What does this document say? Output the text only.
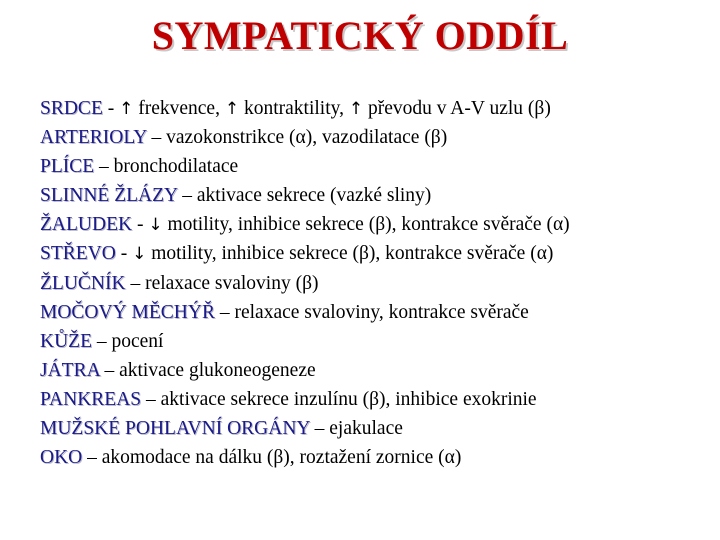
SYMPATICKÝ ODDÍL
SRDCE - ↑ frekvence, ↑ kontraktility, ↑ převodu v A-V uzlu (β)
ARTERIOLY – vazokonstrikce (α), vazodilatace (β)
PLÍCE – bronchodilatace
SLINNÉ ŽLÁZY – aktivace sekrece (vazké sliny)
ŽALUDEK - ↓ motility, inhibice sekrece (β), kontrakce svěrače (α)
STŘEVO - ↓ motility, inhibice sekrece (β), kontrakce svěrače (α)
ŽLUČNÍK – relaxace svaloviny (β)
MOČOVÝ MĚCHÝŘ – relaxace svaloviny, kontrakce svěrače
KŮŽE – pocení
JÁTRA – aktivace glukoneogeneze
PANKREAS – aktivace sekrece inzulínu (β), inhibice exokrinie
MUŽSKÉ POHLAVNÍ ORGÁNY – ejakulace
OKO – akomodace na dálku (β), roztažení zornice (α)
